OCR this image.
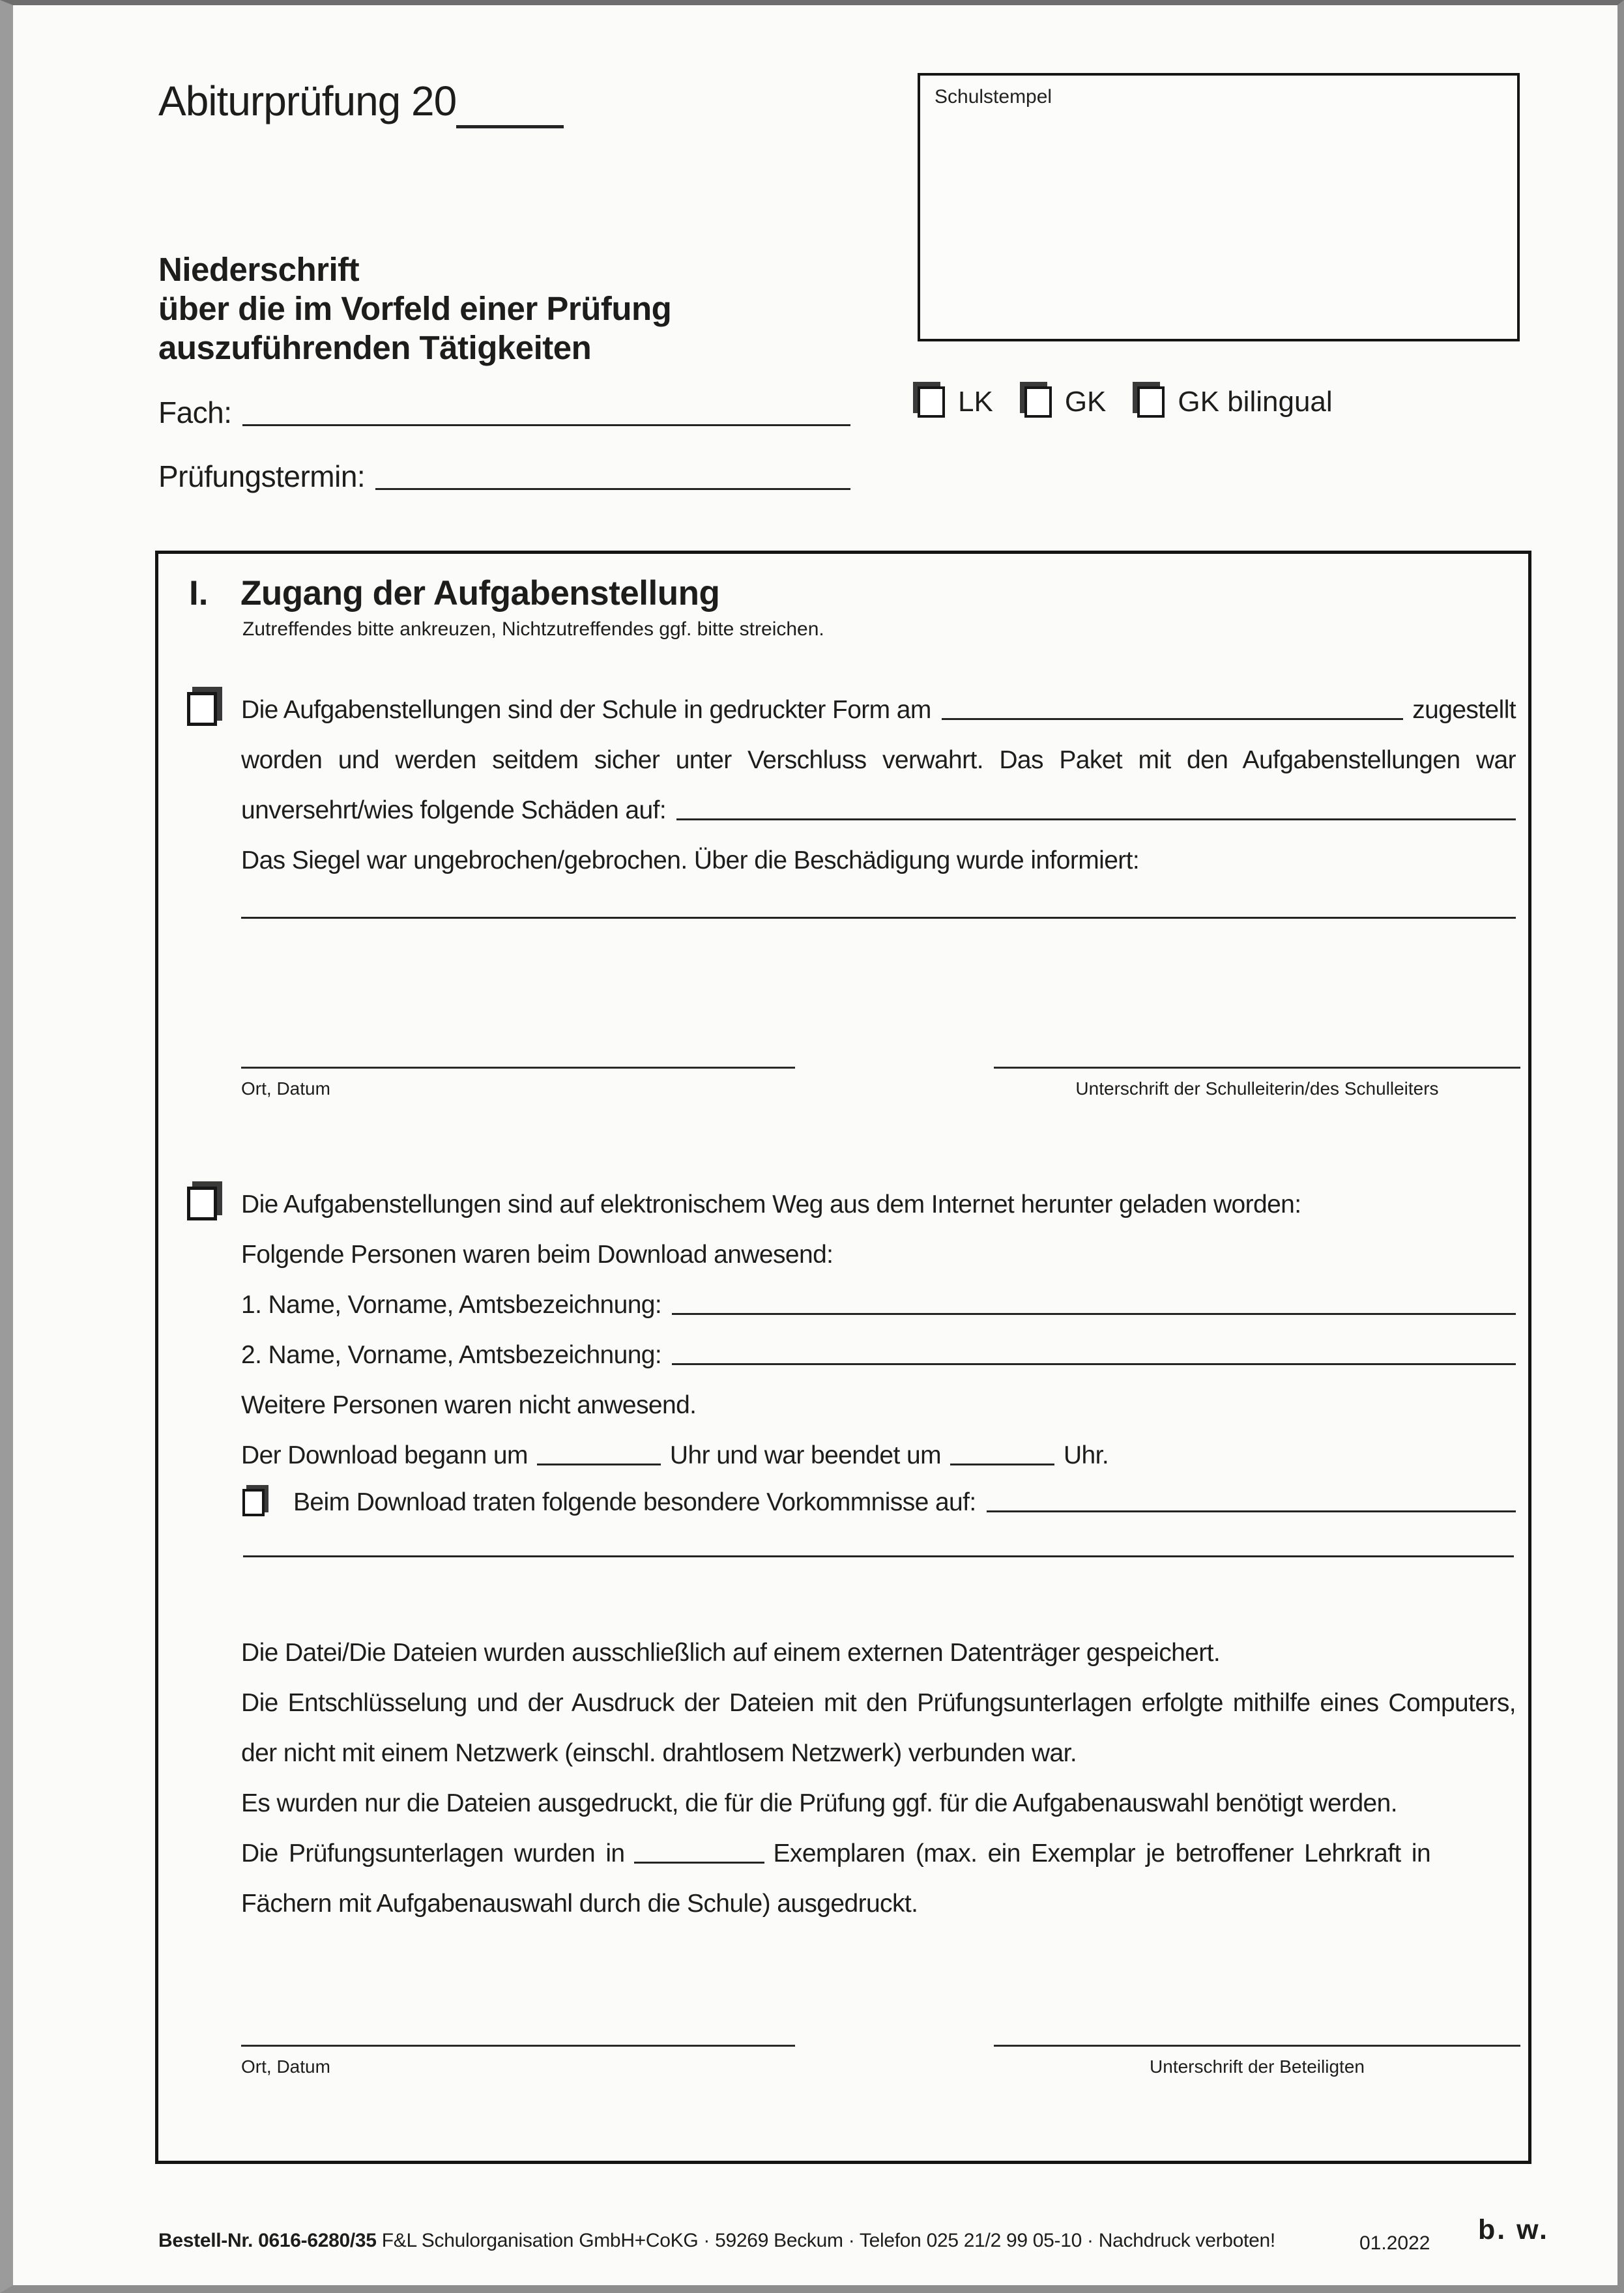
Abiturprüfung 20	Schulstempel
Niederschrift
über die im Vorfeld einer Prüfung
auszuführenden Tätigkeiten
Fach:	LK	GK	GK bilingual
Prüfungstermin:
I. Zugang der Aufgabenstellung
Zutreffendes bitte ankreuzen, Nichtzutreffendes ggf. bitte streichen.
Die Aufgabenstellungen sind der Schule in gedruckter Form am	zugestellt
worden und werden seitdem sicher unter Verschluss verwahrt. Das Paket mit den Aufgabenstellungen war
unversehrt/wies folgende Schäden auf:
Das Siegel war ungebrochen/gebrochen. Über die Beschädigung wurde informiert:
Ort, Datum	Unterschrift der Schulleiterin/des Schulleiters
Die Aufgabenstellungen sind auf elektronischem Weg aus dem Internet herunter geladen worden:
Folgende Personen waren beim Download anwesend:
1. Name, Vorname, Amtsbezeichnung:
2. Name, Vorname, Amtsbezeichnung:
Weitere Personen waren nicht anwesend.
Der Download begann um	Uhr und war beendet um	Uhr.
Beim Download traten folgende besondere Vorkommnisse auf:
Die Datei/Die Dateien wurden ausschließlich auf einem externen Datenträger gespeichert.
Die Entschlüsselung und der Ausdruck der Dateien mit den Prüfungsunterlagen erfolgte mithilfe eines Computers,
der nicht mit einem Netzwerk (einschl. drahtlosem Netzwerk) verbunden war.
Es wurden nur die Dateien ausgedruckt, die für die Prüfung ggf. für die Aufgabenauswahl benötigt werden.
Die Prüfungsunterlagen wurden in	Exemplaren (max. ein Exemplar je betroffener Lehrkraft in
Fächern mit Aufgabenauswahl durch die Schule) ausgedruckt.
Ort, Datum	Unterschrift der Beteiligten
Bestell-Nr. 0616-6280/35 F&L Schulorganisation GmbH+CoKG · 59269 Beckum · Telefon 025 21/2 99 05-10 · Nachdruck verboten!	01.2022 b. w.
